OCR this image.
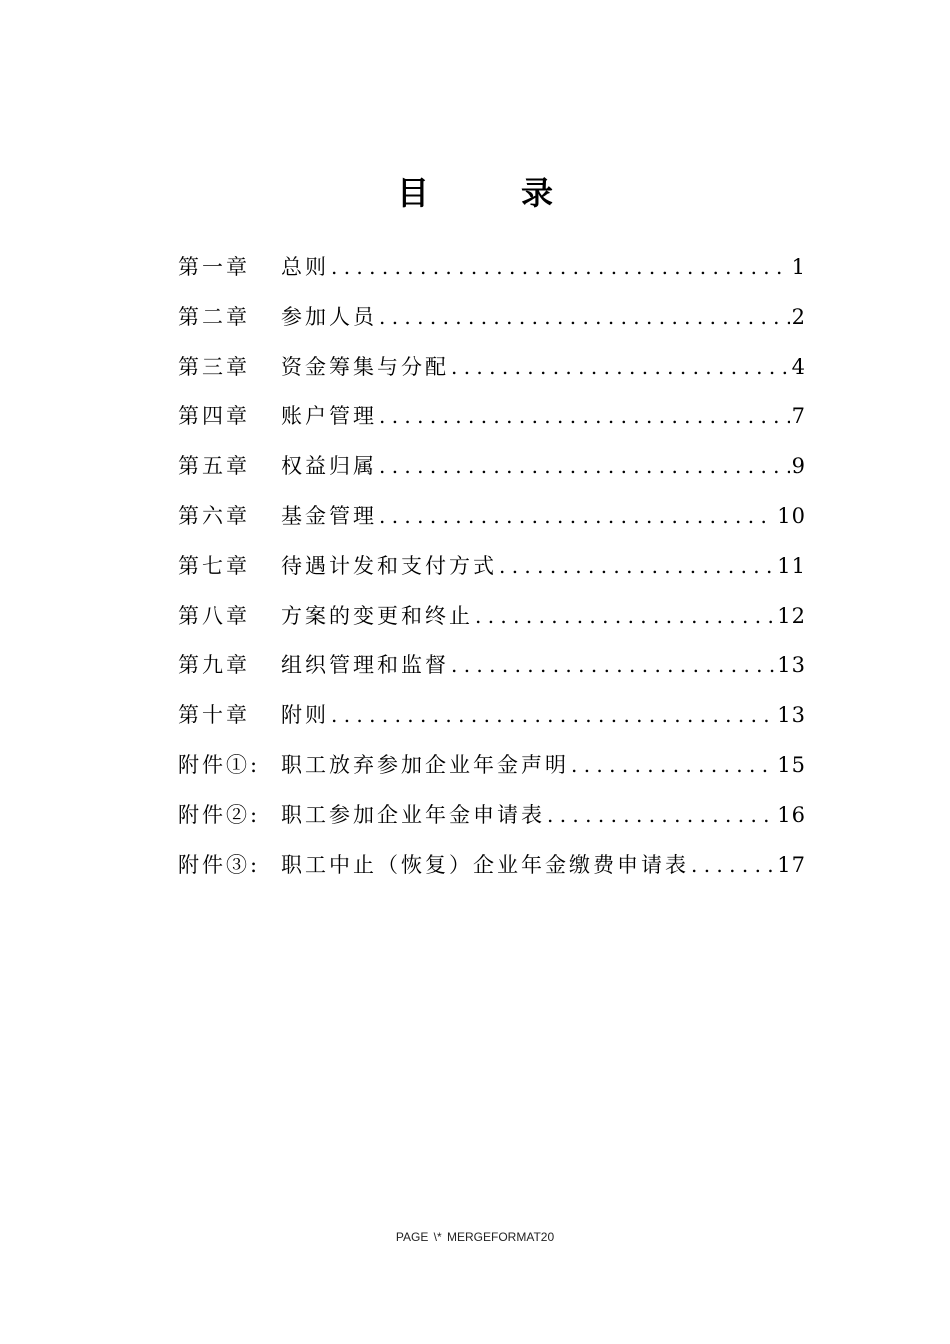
目　录
第一章	总则 . . .	1
第二章	参加人员 . . .	2
第三章	资金筹集与分配 . . .	4
第四章	账户管理 . . .	7
第五章	权益归属 . . .	9
第六章	基金管理 . . .	10
第七章	待遇计发和支付方式 . . .	11
第八章	方案的变更和终止 . . .	12
第九章	组织管理和监督 . . .	13
第十章	附则 . . .	13
附件①: 职工放弃参加企业年金声明 . . .	15
附件②: 职工参加企业年金申请表 . . .	16
附件③: 职工中止（恢复）企业年金缴费申请表 . . .	17
PAGE \* MERGEFORMAT20
